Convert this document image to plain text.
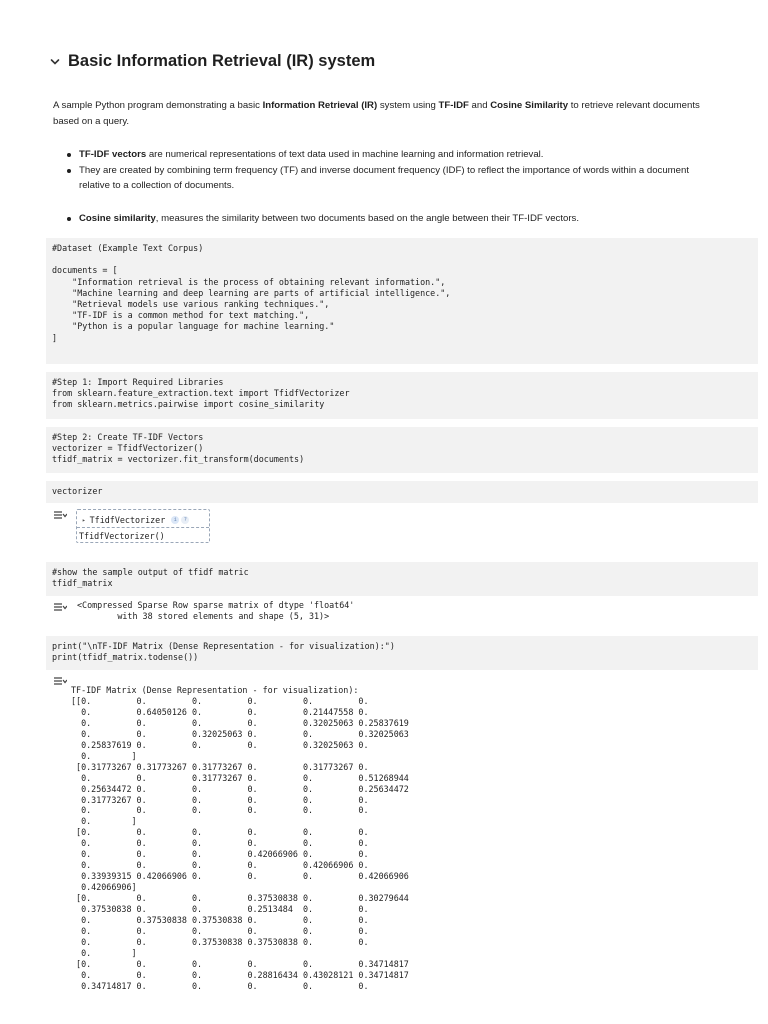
Basic Information Retrieval (IR) system
A sample Python program demonstrating a basic Information Retrieval (IR) system using TF-IDF and Cosine Similarity to retrieve relevant documents based on a query.
TF-IDF vectors are numerical representations of text data used in machine learning and information retrieval.
They are created by combining term frequency (TF) and inverse document frequency (IDF) to reflect the importance of words within a document relative to a collection of documents.
Cosine similarity, measures the similarity between two documents based on the angle between their TF-IDF vectors.
#Dataset (Example Text Corpus)

documents = [
"Information retrieval is the process of obtaining relevant information.",
"Machine learning and deep learning are parts of artificial intelligence.",
"Retrieval models use various ranking techniques.",
"TF-IDF is a common method for text matching.",
"Python is a popular language for machine learning."
]
#Step 1: Import Required Libraries
from sklearn.feature_extraction.text import TfidfVectorizer
from sklearn.metrics.pairwise import cosine_similarity
#Step 2: Create TF-IDF Vectors
vectorizer = TfidfVectorizer()
tfidf_matrix = vectorizer.fit_transform(documents)
vectorizer
▸ TfidfVectorizer	i	?
TfidfVectorizer()
#show the sample output of tfidf matric
tfidf_matrix
<Compressed Sparse Row sparse matrix of dtype 'float64'
with 38 stored elements and shape (5, 31)>
print("\nTF-IDF Matrix (Dense Representation - for visualization):")
print(tfidf_matrix.todense())
TF-IDF Matrix (Dense Representation - for visualization):
[[0.         0.         0.         0.         0.         0.
0.         0.64050126 0.         0.         0.21447558 0.
0.         0.         0.         0.         0.32025063 0.25837619
0.         0.         0.32025063 0.         0.         0.32025063
0.25837619 0.         0.         0.         0.32025063 0.
0.        ]
[0.31773267 0.31773267 0.31773267 0.         0.31773267 0.
0.         0.         0.31773267 0.         0.         0.51268944
0.25634472 0.         0.         0.         0.         0.25634472
0.31773267 0.         0.         0.         0.         0.
0.         0.         0.         0.         0.         0.
0.        ]
[0.         0.         0.         0.         0.         0.
0.         0.         0.         0.         0.         0.
0.         0.         0.         0.42066906 0.         0.
0.         0.         0.         0.         0.42066906 0.
0.33939315 0.42066906 0.         0.         0.         0.42066906
0.42066906]
[0.         0.         0.         0.37530838 0.         0.30279644
0.37530838 0.         0.         0.2513484  0.         0.
0.         0.37530838 0.37530838 0.         0.         0.
0.         0.         0.         0.         0.         0.
0.         0.         0.37530838 0.37530838 0.         0.
0.        ]
[0.         0.         0.         0.         0.         0.34714817
0.         0.         0.         0.28816434 0.43028121 0.34714817
0.34714817 0.         0.         0.         0.         0.
